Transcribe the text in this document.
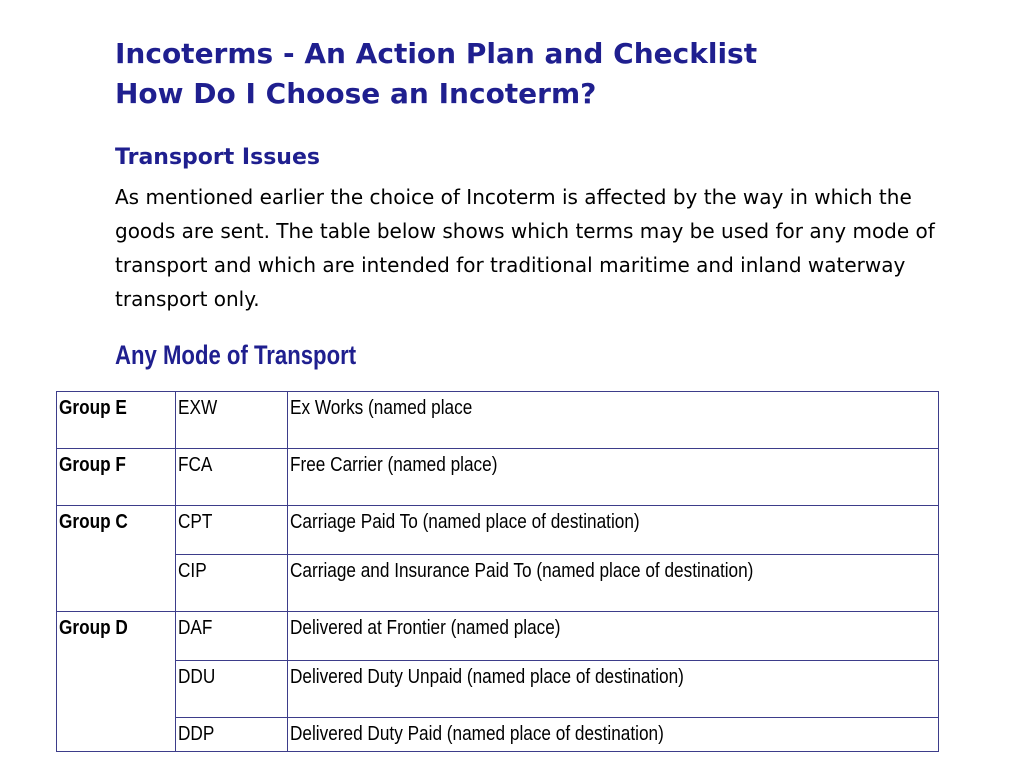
Incoterms - An Action Plan and Checklist
How Do I Choose an Incoterm?
Transport Issues

As mentioned earlier the choice of Incoterm is affected by the way in which the goods are sent. The table below shows which terms may be used for any mode of transport and which are intended for traditional maritime and inland waterway transport only.

Any Mode of Transport
Group E	EXW	Ex Works (named place
Group F	FCA	Free Carrier (named place)
Group C	CPT	Carriage Paid To (named place of destination)
	CIP	Carriage and Insurance Paid To (named place of destination)
Group D	DAF	Delivered at Frontier (named place)
	DDU	Delivered Duty Unpaid (named place of destination)
	DDP	Delivered Duty Paid (named place of destination)
